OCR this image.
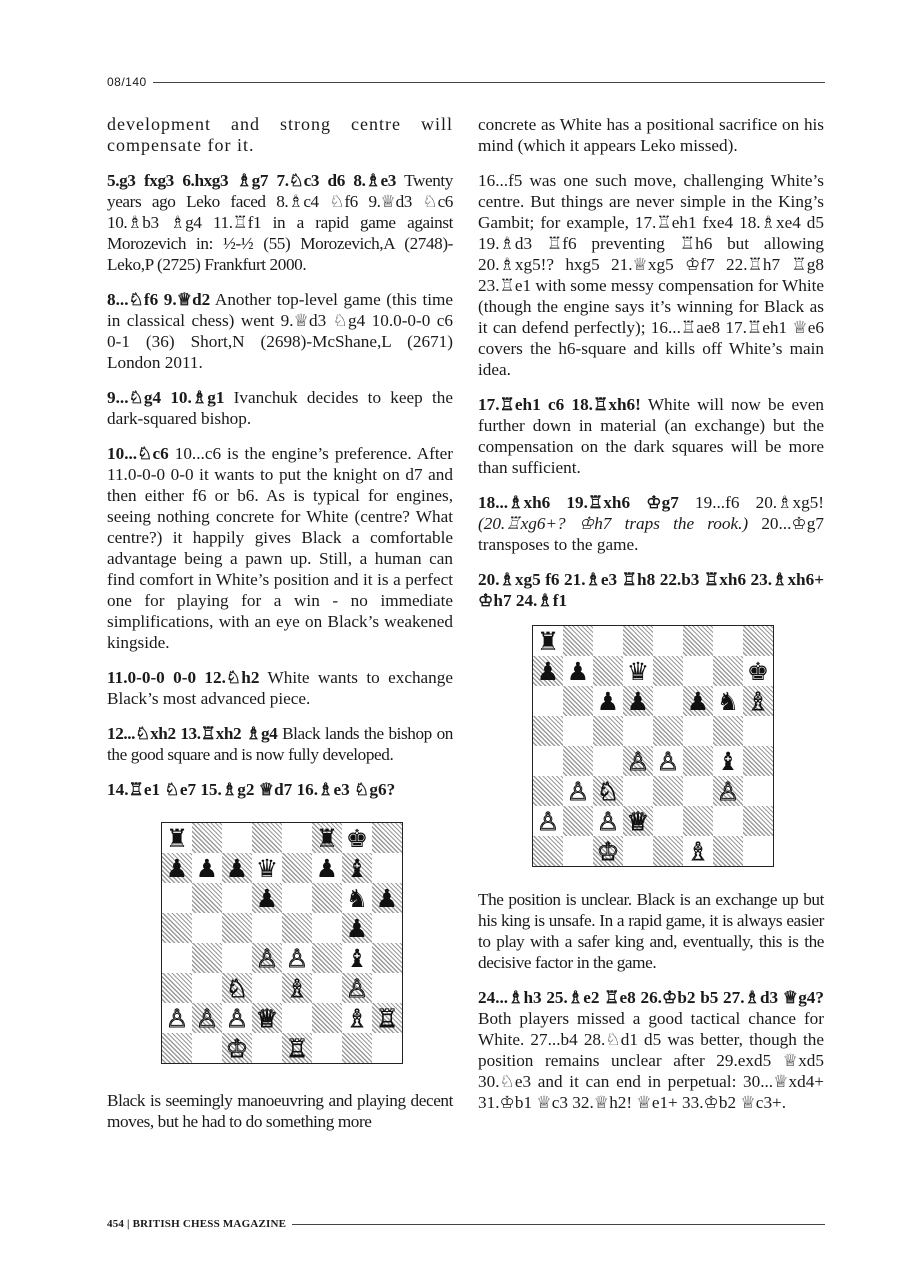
08/140

development and strong centre will compensate for it.

5.g3 fxg3 6.hxg3 ♗g7 7.♘c3 d6 8.♗e3 Twenty years ago Leko faced 8.♗c4 ♘f6 9.♕d3 ♘c6 10.♗b3 ♗g4 11.♖f1 in a rapid game against Morozevich in: ½-½ (55) Morozevich,A (2748)-Leko,P (2725) Frankfurt 2000.

8...♘f6 9.♕d2 Another top-level game (this time in classical chess) went 9.♕d3 ♘g4 10.0-0-0 c6 0-1 (36) Short,N (2698)-McShane,L (2671) London 2011.

9...♘g4 10.♗g1 Ivanchuk decides to keep the dark-squared bishop.

10...♘c6 10...c6 is the engine’s preference. After 11.0-0-0 0-0 it wants to put the knight on d7 and then either f6 or b6. As is typical for engines, seeing nothing concrete for White (centre? What centre?) it happily gives Black a comfortable advantage being a pawn up. Still, a human can find comfort in White’s position and it is a perfect one for playing for a win - no immediate simplifications, with an eye on Black’s weakened kingside.

11.0-0-0 0-0 12.♘h2 White wants to exchange Black’s most advanced piece.

12...♘xh2 13.♖xh2 ♗g4 Black lands the bishop on the good square and is now fully developed.

14.♖e1 ♘e7 15.♗g2 ♕d7 16.♗e3 ♘g6?

♜	♜ ♚
♟ ♟ ♟ ♛ ♟ ♝
♟	♞ ♟
♟
♙ ♙ ♝
♘ ♗ ♙
♙ ♙ ♙ ♕	♗ ♖
♔ ♖

Black is seemingly manoeuvring and playing decent moves, but he had to do something more

concrete as White has a positional sacrifice on his mind (which it appears Leko missed).

16...f5 was one such move, challenging White’s centre. But things are never simple in the King’s Gambit; for example, 17.♖eh1 fxe4 18.♗xe4 d5 19.♗d3 ♖f6 preventing ♖h6 but allowing 20.♗xg5!? hxg5 21.♕xg5 ♔f7 22.♖h7 ♖g8 23.♖e1 with some messy compensation for White (though the engine says it’s winning for Black as it can defend perfectly); 16...♖ae8 17.♖eh1 ♕e6 covers the h6-square and kills off White’s main idea.

17.♖eh1 c6 18.♖xh6! White will now be even further down in material (an exchange) but the compensation on the dark squares will be more than sufficient.

18...♗xh6 19.♖xh6 ♔g7 19...f6 20.♗xg5! (20.♖xg6+? ♔h7 traps the rook.) 20...♔g7 transposes to the game.

20.♗xg5 f6 21.♗e3 ♖h8 22.b3 ♖xh6 23.♗xh6+ ♔h7 24.♗f1

♜
♟ ♟ ♛	♚
♟ ♟ ♟ ♞ ♗
♙ ♙ ♝
♙ ♘	♙
♙ ♙ ♕
♔	♗

The position is unclear. Black is an exchange up but his king is unsafe. In a rapid game, it is always easier to play with a safer king and, eventually, this is the decisive factor in the game.

24...♗h3 25.♗e2 ♖e8 26.♔b2 b5 27.♗d3 ♕g4? Both players missed a good tactical chance for White. 27...b4 28.♘d1 d5 was better, though the position remains unclear after 29.exd5 ♕xd5 30.♘e3 and it can end in perpetual: 30...♕xd4+ 31.♔b1 ♕c3 32.♕h2! ♕e1+ 33.♔b2 ♕c3+.

454 | BRITISH CHESS MAGAZINE
